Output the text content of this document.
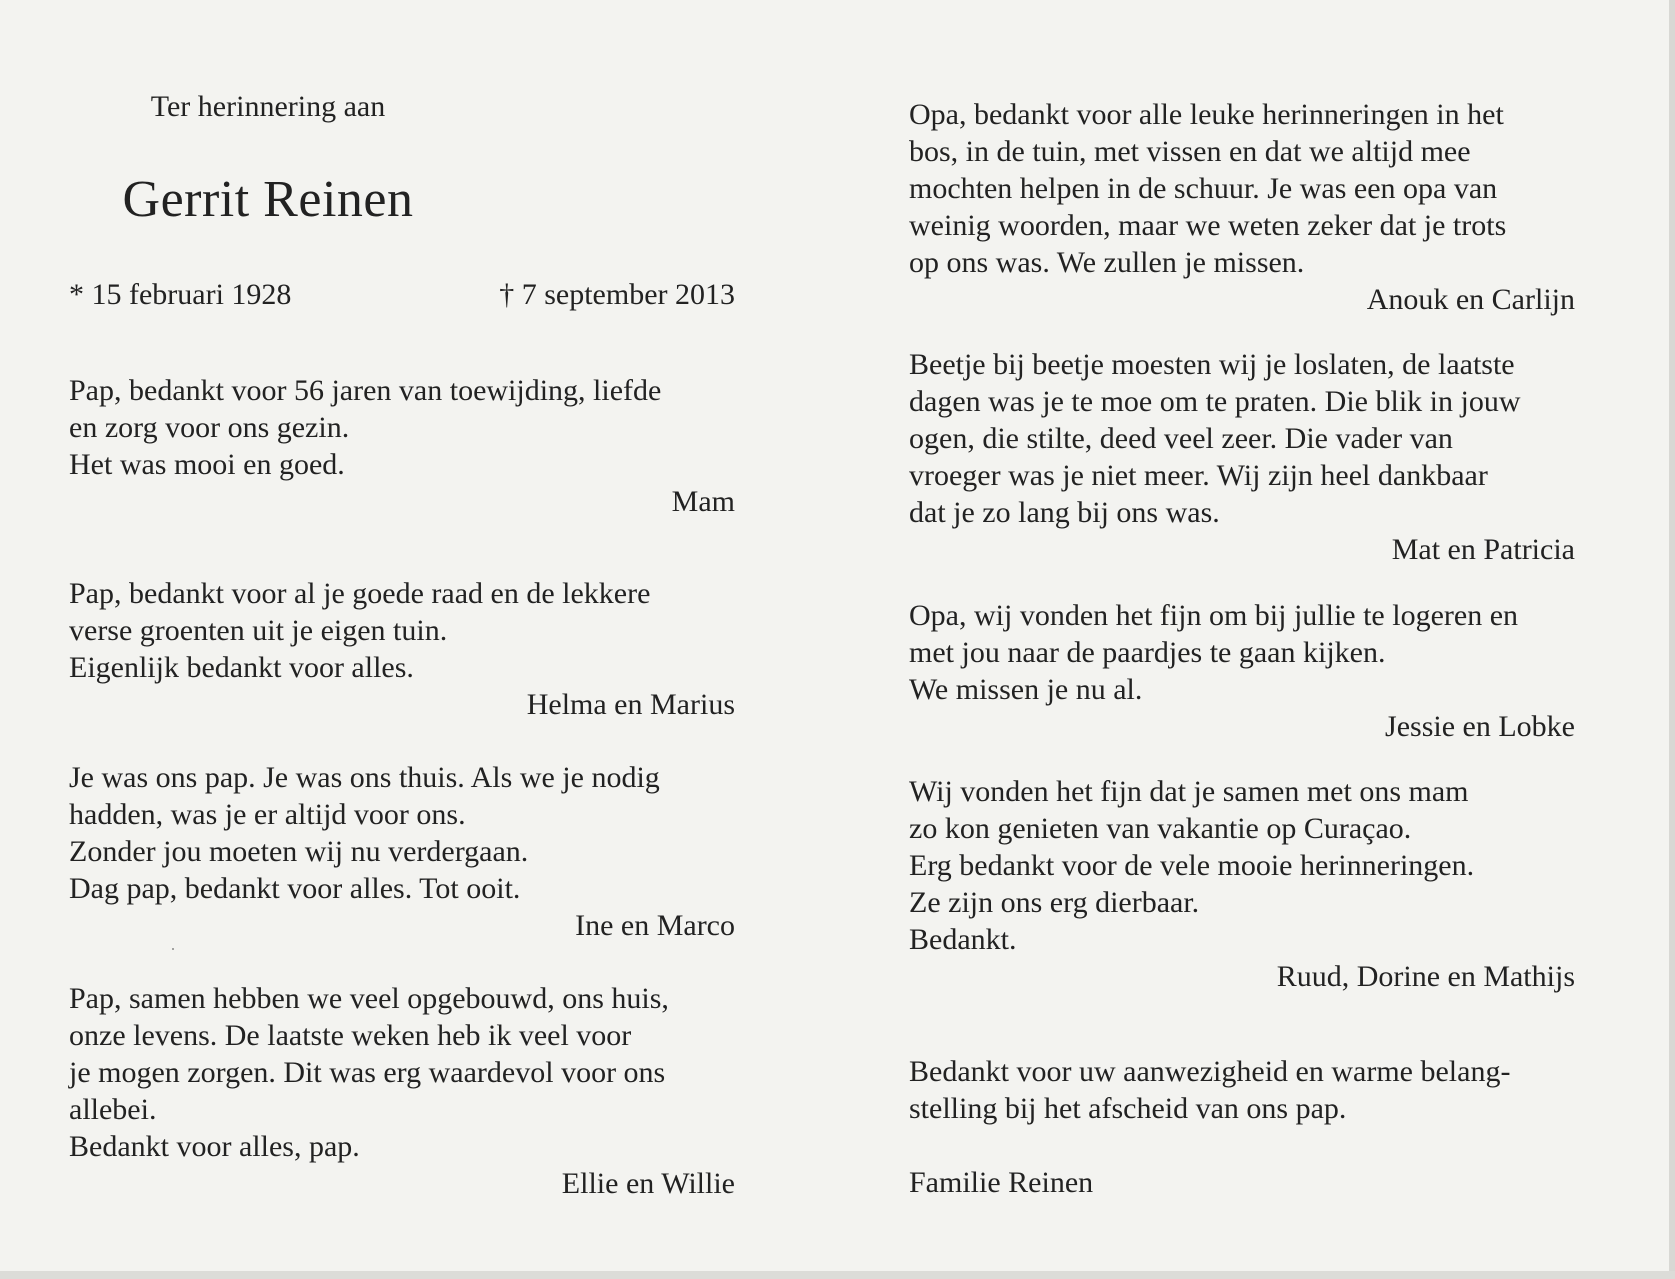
Ter herinnering aan
Gerrit Reinen
* 15 februari 1928	† 7 september 2013

Pap, bedankt voor 56 jaren van toewijding, liefde

en zorg voor ons gezin.

Het was mooi en goed.

Mam

Pap, bedankt voor al je goede raad en de lekkere

verse groenten uit je eigen tuin.

Eigenlijk bedankt voor alles.

Helma en Marius

Je was ons pap. Je was ons thuis. Als we je nodig

hadden, was je er altijd voor ons.

Zonder jou moeten wij nu verdergaan.

Dag pap, bedankt voor alles. Tot ooit.

Ine en Marco

Pap, samen hebben we veel opgebouwd, ons huis,

onze levens. De laatste weken heb ik veel voor

je mogen zorgen. Dit was erg waardevol voor ons

allebei.

Bedankt voor alles, pap.

Ellie en Willie

Opa, bedankt voor alle leuke herinneringen in het

bos, in de tuin, met vissen en dat we altijd mee

mochten helpen in de schuur. Je was een opa van

weinig woorden, maar we weten zeker dat je trots

op ons was. We zullen je missen.

Anouk en Carlijn

Beetje bij beetje moesten wij je loslaten, de laatste

dagen was je te moe om te praten. Die blik in jouw

ogen, die stilte, deed veel zeer. Die vader van

vroeger was je niet meer. Wij zijn heel dankbaar

dat je zo lang bij ons was.

Mat en Patricia

Opa, wij vonden het fijn om bij jullie te logeren en

met jou naar de paardjes te gaan kijken.

We missen je nu al.

Jessie en Lobke

Wij vonden het fijn dat je samen met ons mam

zo kon genieten van vakantie op Curaçao.

Erg bedankt voor de vele mooie herinneringen.

Ze zijn ons erg dierbaar.

Bedankt.

Ruud, Dorine en Mathijs

Bedankt voor uw aanwezigheid en warme belang-

stelling bij het afscheid van ons pap.

Familie Reinen
